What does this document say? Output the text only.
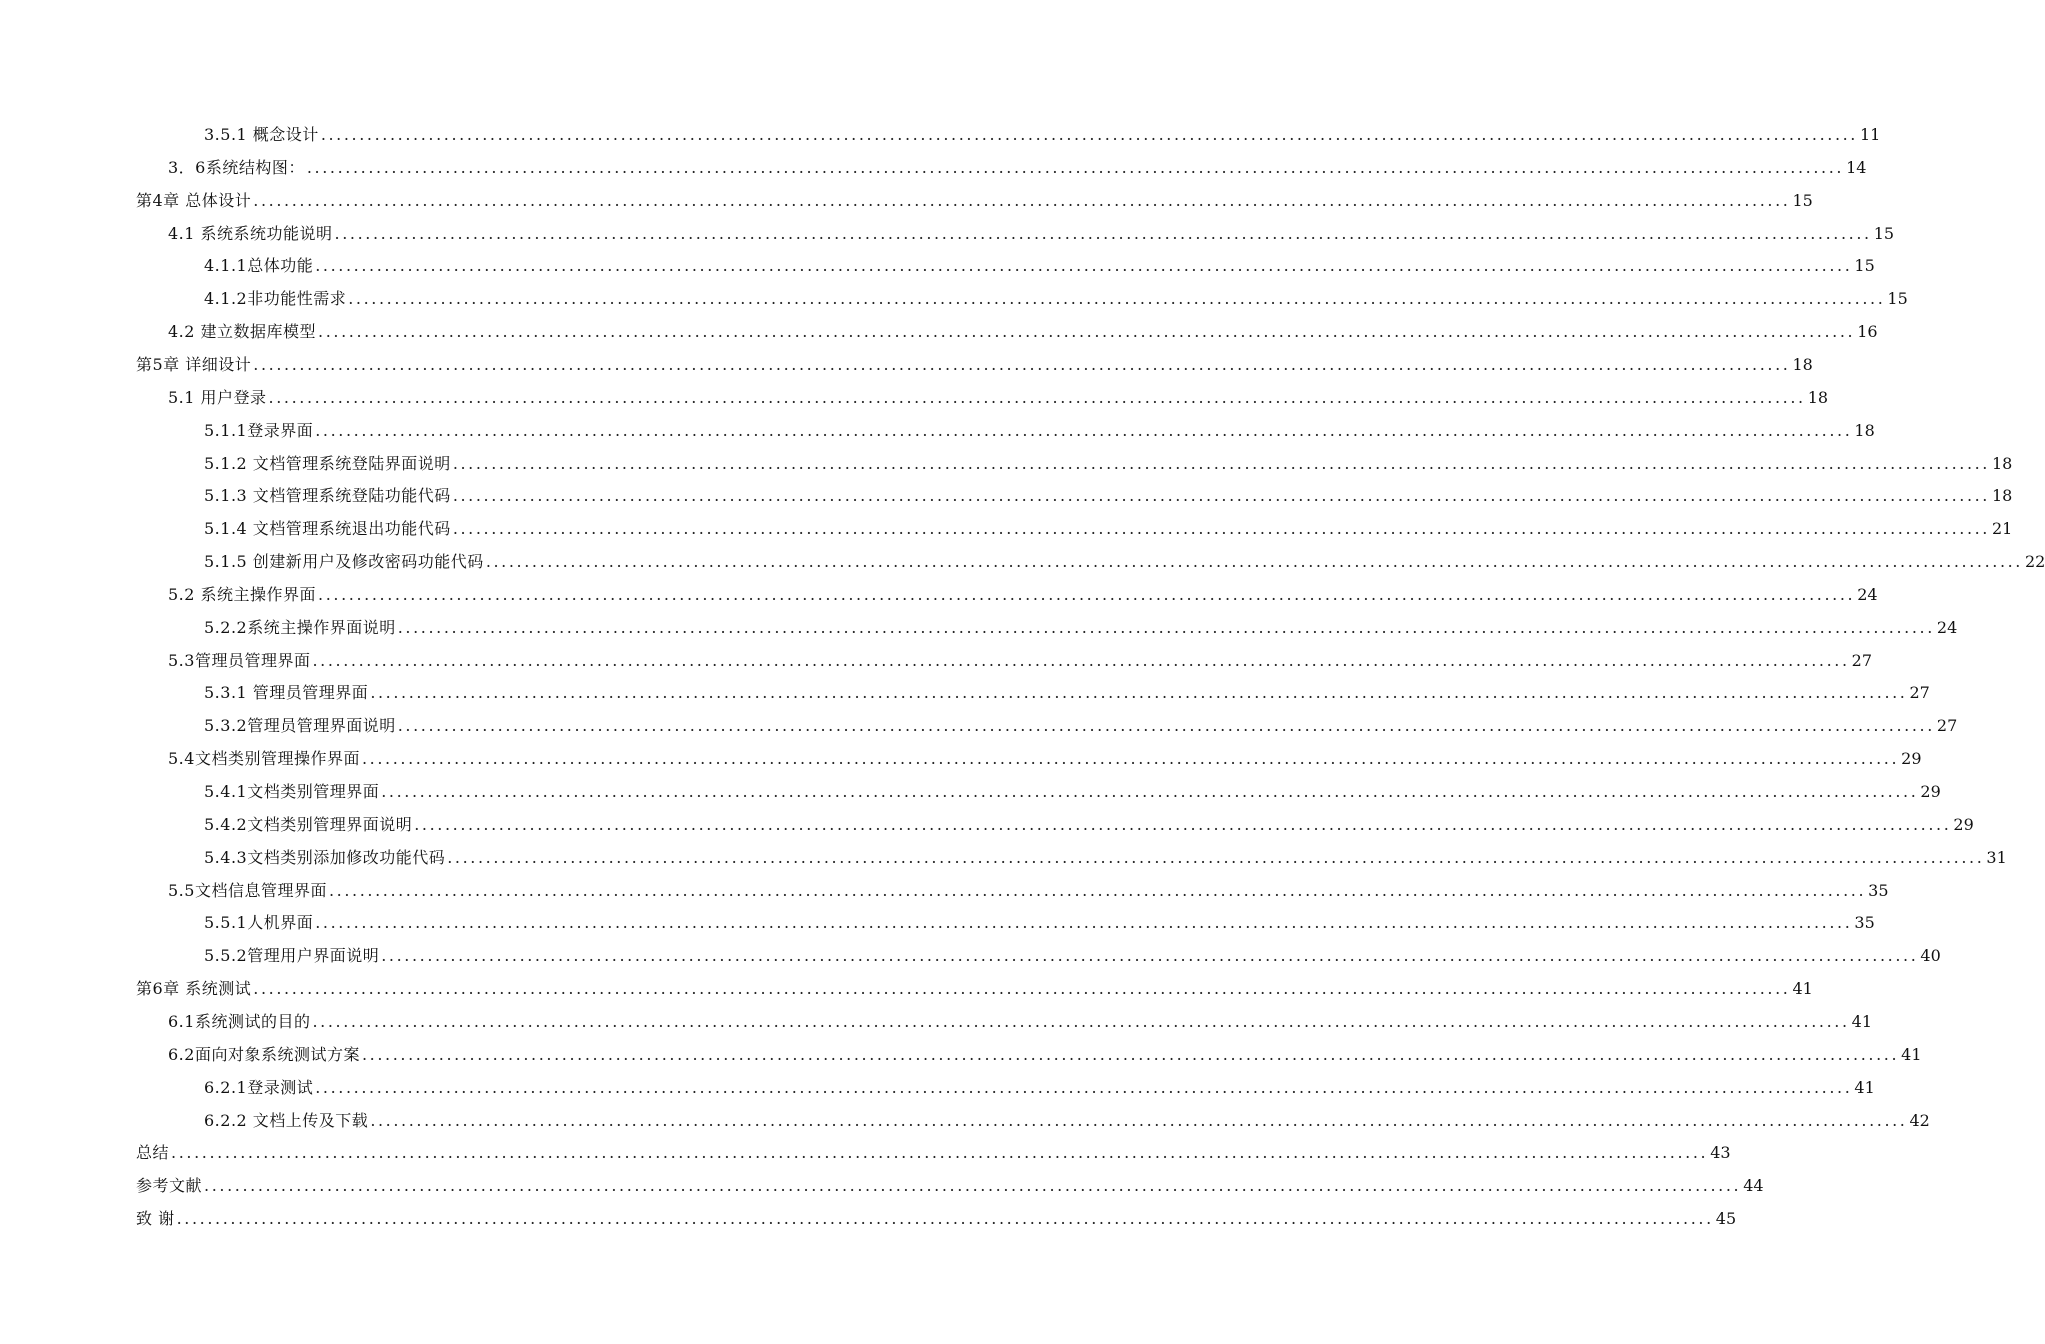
3.5.1 概念设计 ........................................................................................................................................................................................................ 11
3．6系统结构图： ........................................................................................................................................................................................................ 14
第4章 总体设计 ........................................................................................................................................................................................................ 15
4.1 系统系统功能说明 ........................................................................................................................................................................................................ 15
4.1.1总体功能 ........................................................................................................................................................................................................ 15
4.1.2非功能性需求 ........................................................................................................................................................................................................ 15
4.2 建立数据库模型 ........................................................................................................................................................................................................ 16
第5章 详细设计 ........................................................................................................................................................................................................ 18
5.1 用户登录 ........................................................................................................................................................................................................ 18
5.1.1登录界面 ........................................................................................................................................................................................................ 18
5.1.2 文档管理系统登陆界面说明 ........................................................................................................................................................................................................ 18
5.1.3 文档管理系统登陆功能代码 ........................................................................................................................................................................................................ 18
5.1.4 文档管理系统退出功能代码 ........................................................................................................................................................................................................ 21
5.1.5 创建新用户及修改密码功能代码 ........................................................................................................................................................................................................ 22
5.2 系统主操作界面 ........................................................................................................................................................................................................ 24
5.2.2系统主操作界面说明 ........................................................................................................................................................................................................ 24
5.3管理员管理界面 ........................................................................................................................................................................................................ 27
5.3.1 管理员管理界面 ........................................................................................................................................................................................................ 27
5.3.2管理员管理界面说明 ........................................................................................................................................................................................................ 27
5.4文档类别管理操作界面 ........................................................................................................................................................................................................ 29
5.4.1文档类别管理界面 ........................................................................................................................................................................................................ 29
5.4.2文档类别管理界面说明 ........................................................................................................................................................................................................ 29
5.4.3文档类别添加修改功能代码 ........................................................................................................................................................................................................ 31
5.5文档信息管理界面 ........................................................................................................................................................................................................ 35
5.5.1人机界面 ........................................................................................................................................................................................................ 35
5.5.2管理用户界面说明 ........................................................................................................................................................................................................ 40
第6章 系统测试 ........................................................................................................................................................................................................ 41
6.1系统测试的目的 ........................................................................................................................................................................................................ 41
6.2面向对象系统测试方案 ........................................................................................................................................................................................................ 41
6.2.1登录测试 ........................................................................................................................................................................................................ 41
6.2.2 文档上传及下载 ........................................................................................................................................................................................................ 42
总结 ........................................................................................................................................................................................................ 43
参考文献 ........................................................................................................................................................................................................ 44
致 谢 ........................................................................................................................................................................................................ 45
